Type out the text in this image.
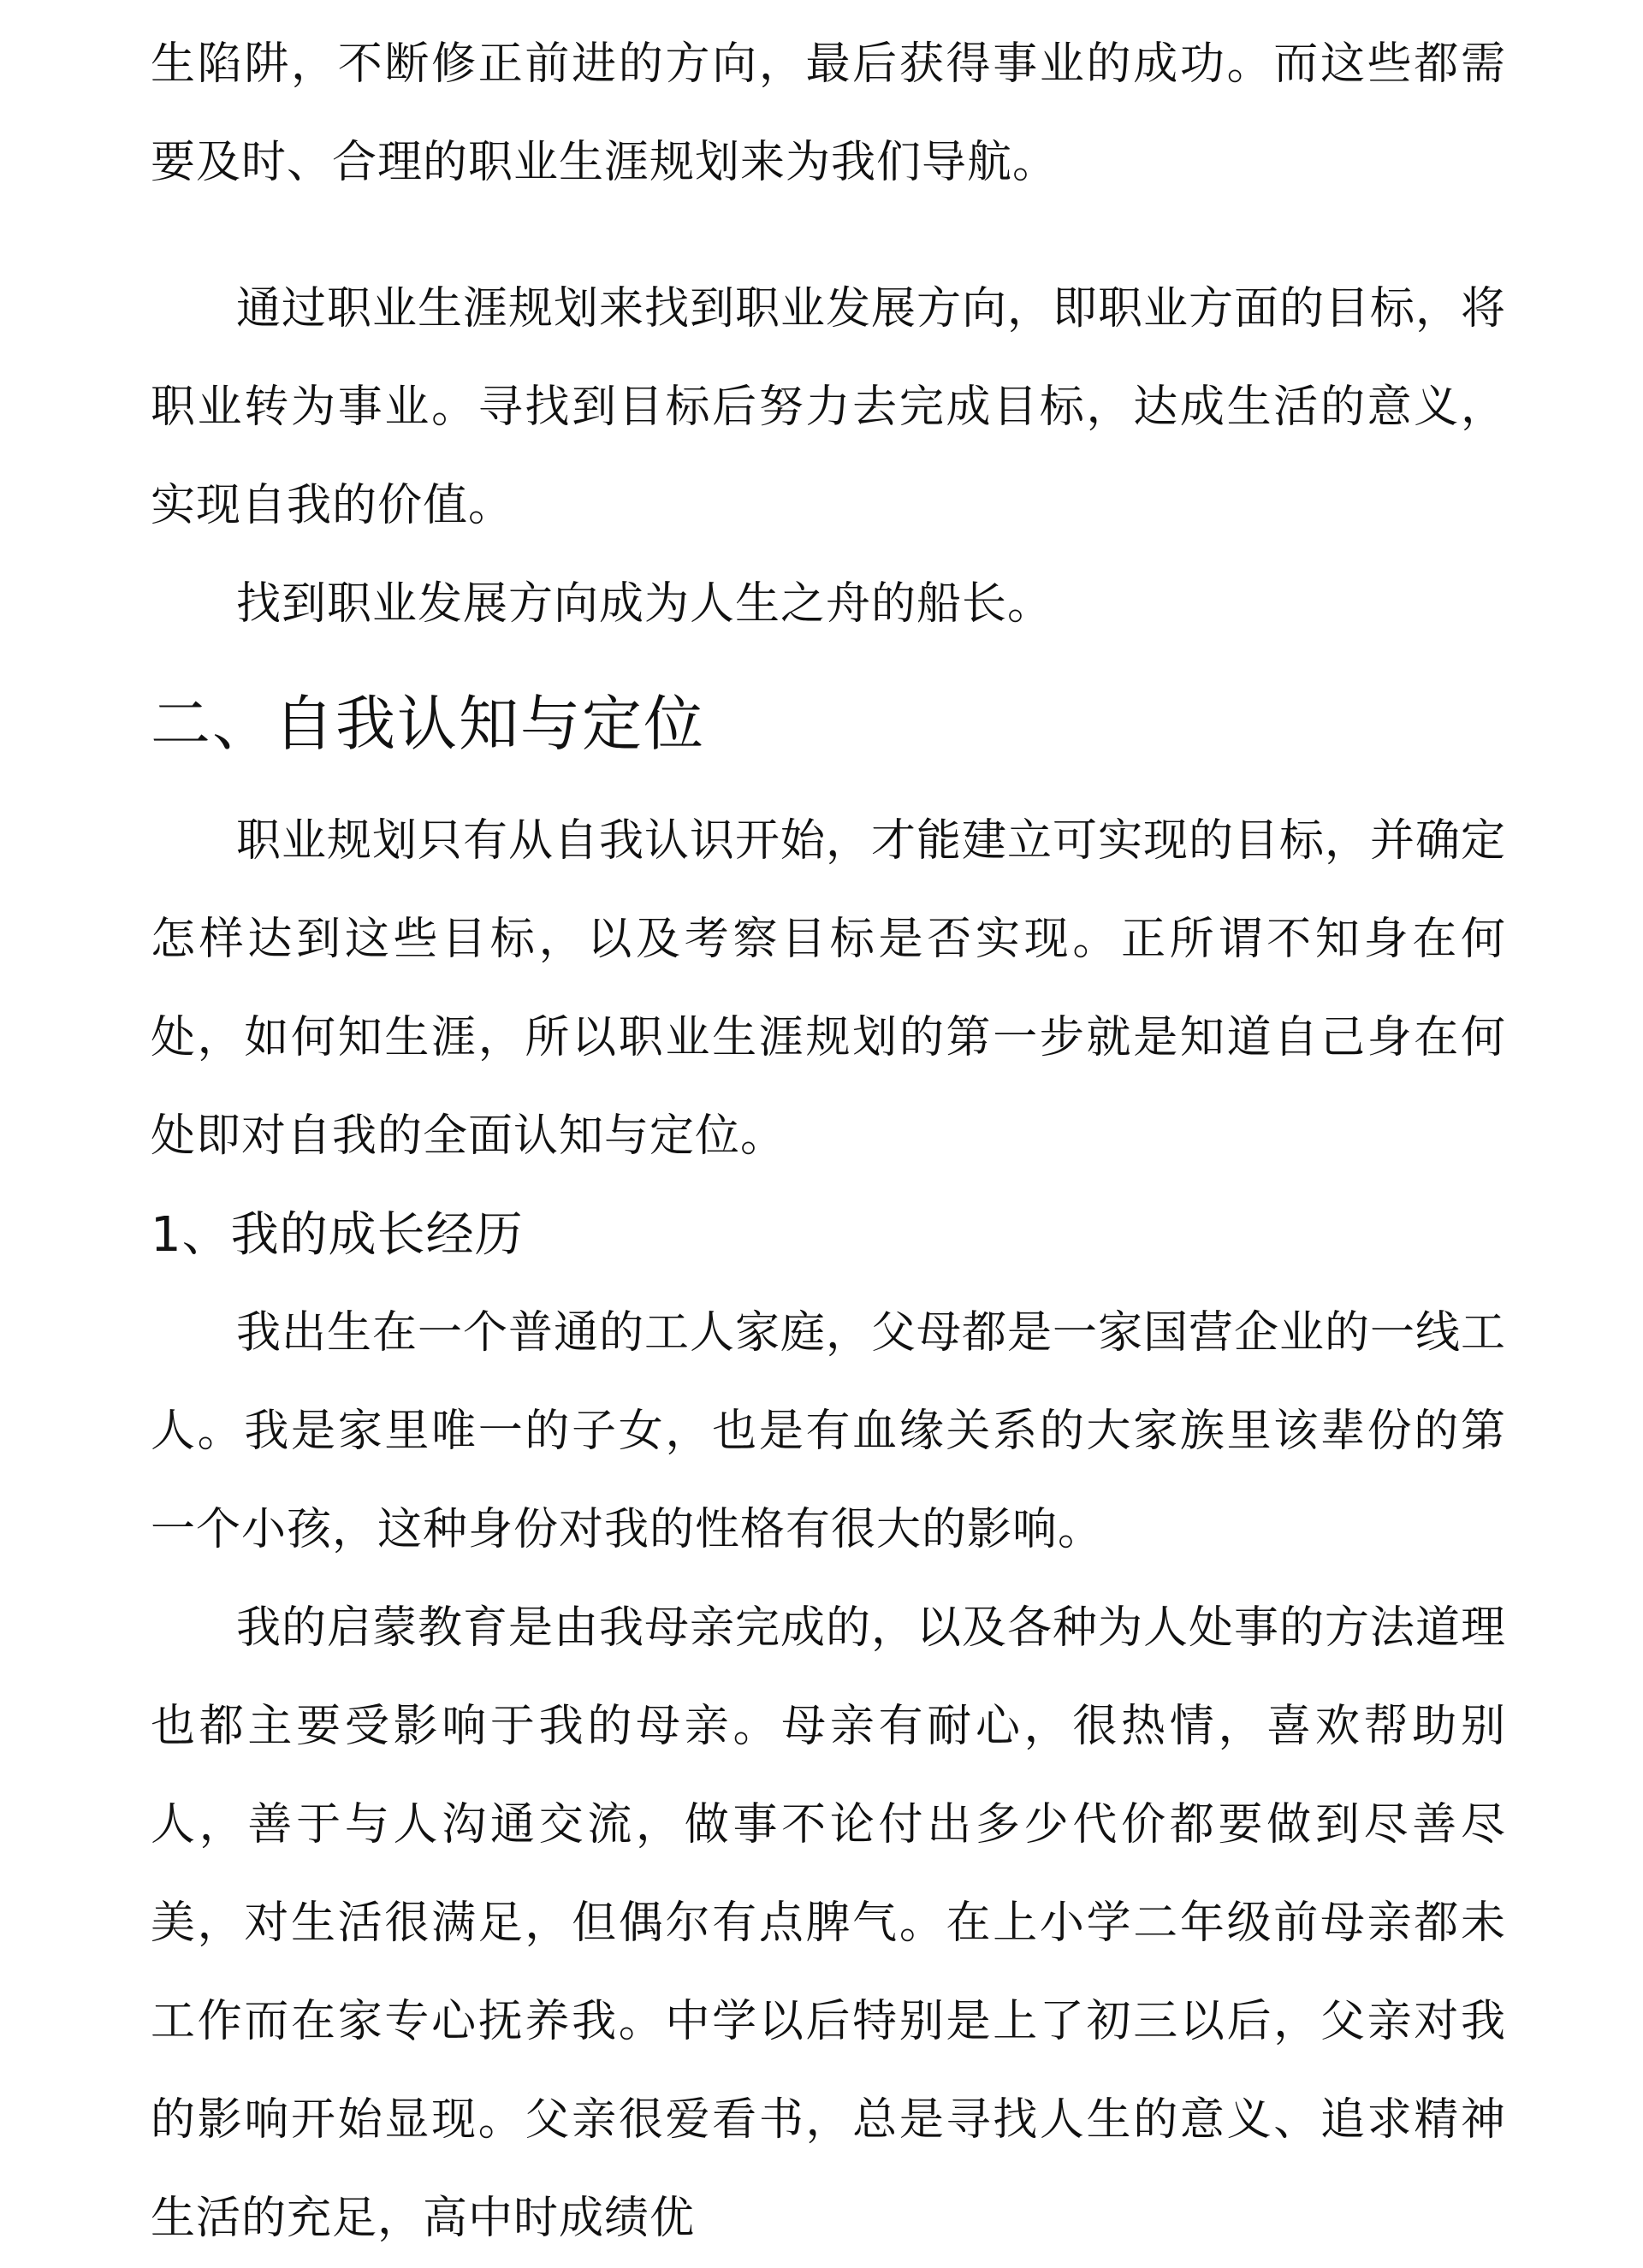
生陷阱，不断修正前进的方向，最后获得事业的成功。而这些都需要及时、合理的职业生涯规划来为我们导航。

通过职业生涯规划来找到职业发展方向，即职业方面的目标，将职业转为事业。寻找到目标后努力去完成目标，达成生活的意义，实现自我的价值。

找到职业发展方向成为人生之舟的船长。

二、自我认知与定位

职业规划只有从自我认识开始，才能建立可实现的目标，并确定怎样达到这些目标，以及考察目标是否实现。正所谓不知身在何处，如何知生涯，所以职业生涯规划的第一步就是知道自己身在何处即对自我的全面认知与定位。

1、我的成长经历

我出生在一个普通的工人家庭，父母都是一家国营企业的一线工人。我是家里唯一的子女，也是有血缘关系的大家族里该辈份的第一个小孩，这种身份对我的性格有很大的影响。

我的启蒙教育是由我母亲完成的，以及各种为人处事的方法道理也都主要受影响于我的母亲。母亲有耐心，很热情，喜欢帮助别人，善于与人沟通交流，做事不论付出多少代价都要做到尽善尽美，对生活很满足，但偶尔有点脾气。在上小学二年级前母亲都未工作而在家专心抚养我。中学以后特别是上了初三以后，父亲对我的影响开始显现。父亲很爱看书，总是寻找人生的意义、追求精神生活的充足，高中时成绩优
